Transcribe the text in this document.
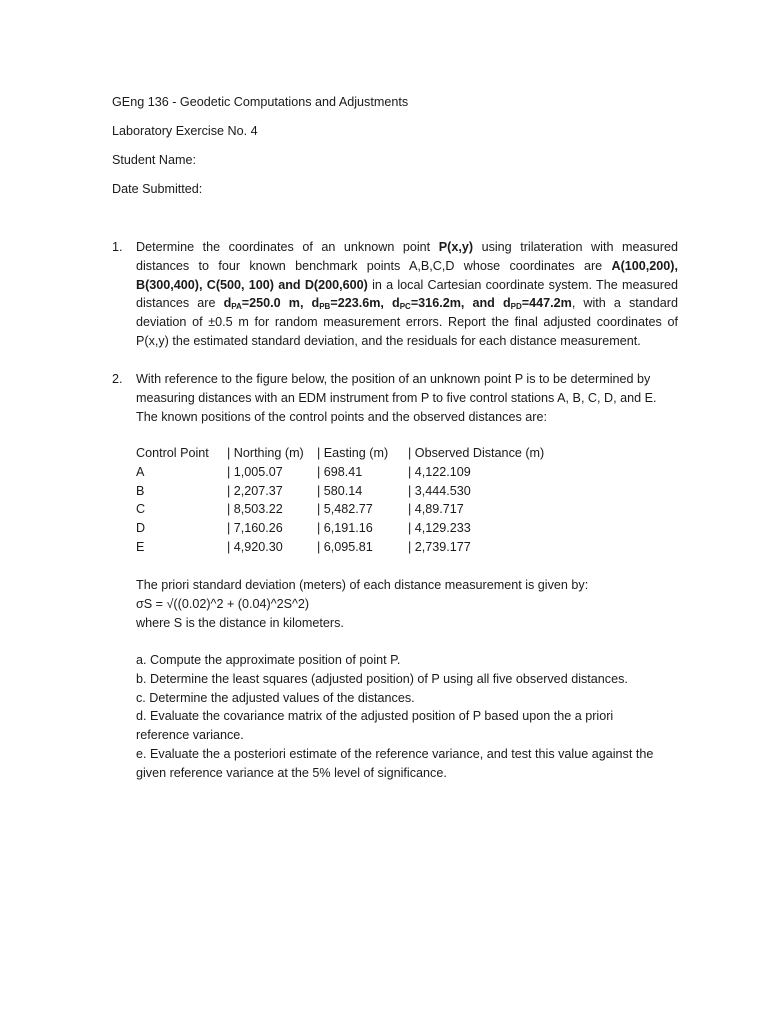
GEng 136 - Geodetic Computations and Adjustments
Laboratory Exercise No. 4
Student Name:
Date Submitted:
1. Determine the coordinates of an unknown point P(x,y) using trilateration with measured distances to four known benchmark points A,B,C,D whose coordinates are A(100,200), B(300,400), C(500, 100) and D(200,600) in a local Cartesian coordinate system. The measured distances are $d_{PA}=250.0$ m, $d_{PB}=223.6m$, $d_{PC}=316.2m$, and $d_{PD}=447.2m$, with a standard deviation of ±0.5 m for random measurement errors. Report the final adjusted coordinates of P(x,y) the estimated standard deviation, and the residuals for each distance measurement.
2. With reference to the figure below, the position of an unknown point P is to be determined by measuring distances with an EDM instrument from P to five control stations A, B, C, D, and E. The known positions of the control points and the observed distances are:
Control Point	| Northing (m)	| Easting (m)	| Observed Distance (m)
A	| 1,005.07	| 698.41	| 4,122.109
B	| 2,207.37	| 580.14	| 3,444.530
C	| 8,503.22	| 5,482.77	| 4,89.717
D	| 7,160.26	| 6,191.16	| 4,129.233
E	| 4,920.30	| 6,095.81	| 2,739.177
The priori standard deviation (meters) of each distance measurement is given by:
σS = √((0.02)^2 + (0.04)^2S^2)
where S is the distance in kilometers.
a. Compute the approximate position of point P.
b. Determine the least squares (adjusted position) of P using all five observed distances.
c. Determine the adjusted values of the distances.
d. Evaluate the covariance matrix of the adjusted position of P based upon the a priori reference variance.
e. Evaluate the a posteriori estimate of the reference variance, and test this value against the given reference variance at the 5% level of significance.
